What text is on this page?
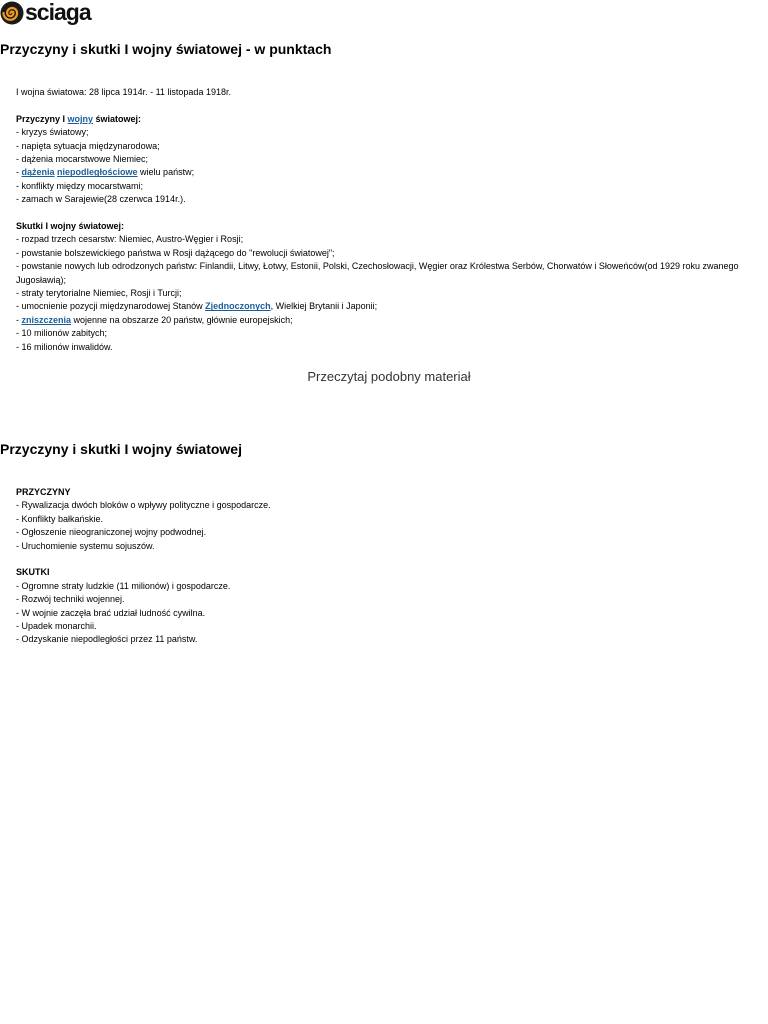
sciaga
Przyczyny i skutki I wojny światowej - w punktach

I wojna światowa: 28 lipca 1914r. - 11 listopada 1918r.

Przyczyny I wojny światowej:

- kryzys światowy;

- napięta sytuacja międzynarodowa;

- dążenia mocarstwowe Niemiec;

- dążenia niepodległościowe wielu państw;

- konflikty między mocarstwami;

- zamach w Sarajewie(28 czerwca 1914r.).

Skutki I wojny światowej:

- rozpad trzech cesarstw: Niemiec, Austro-Węgier i Rosji;

- powstanie bolszewickiego państwa w Rosji dążącego do "rewolucji światowej";

- powstanie nowych lub odrodzonych państw: Finlandii, Litwy, Łotwy, Estonii, Polski, Czechosłowacji, Węgier oraz Królestwa Serbów, Chorwatów i Słoweńców(od 1929 roku zwanego Jugosławią);

- straty terytorialne Niemiec, Rosji i Turcji;

- umocnienie pozycji międzynarodowej Stanów Zjednoczonych, Wielkiej Brytanii i Japonii;

- zniszczenia wojenne na obszarze 20 państw, głównie europejskich;

- 10 milionów zabitych;

- 16 milionów inwalidów.

Przeczytaj podobny materiał
Przyczyny i skutki I wojny światowej

PRZYCZYNY

- Rywalizacja dwóch bloków o wpływy polityczne i gospodarcze.

- Konflikty bałkańskie.

- Ogłoszenie nieograniczonej wojny podwodnej.

- Uruchomienie systemu sojuszów.

SKUTKI

- Ogromne straty ludzkie (11 milionów) i gospodarcze.

- Rozwój techniki wojennej.

- W wojnie zaczęła brać udział ludność cywilna.

- Upadek monarchii.

- Odzyskanie niepodległości przez 11 państw.
